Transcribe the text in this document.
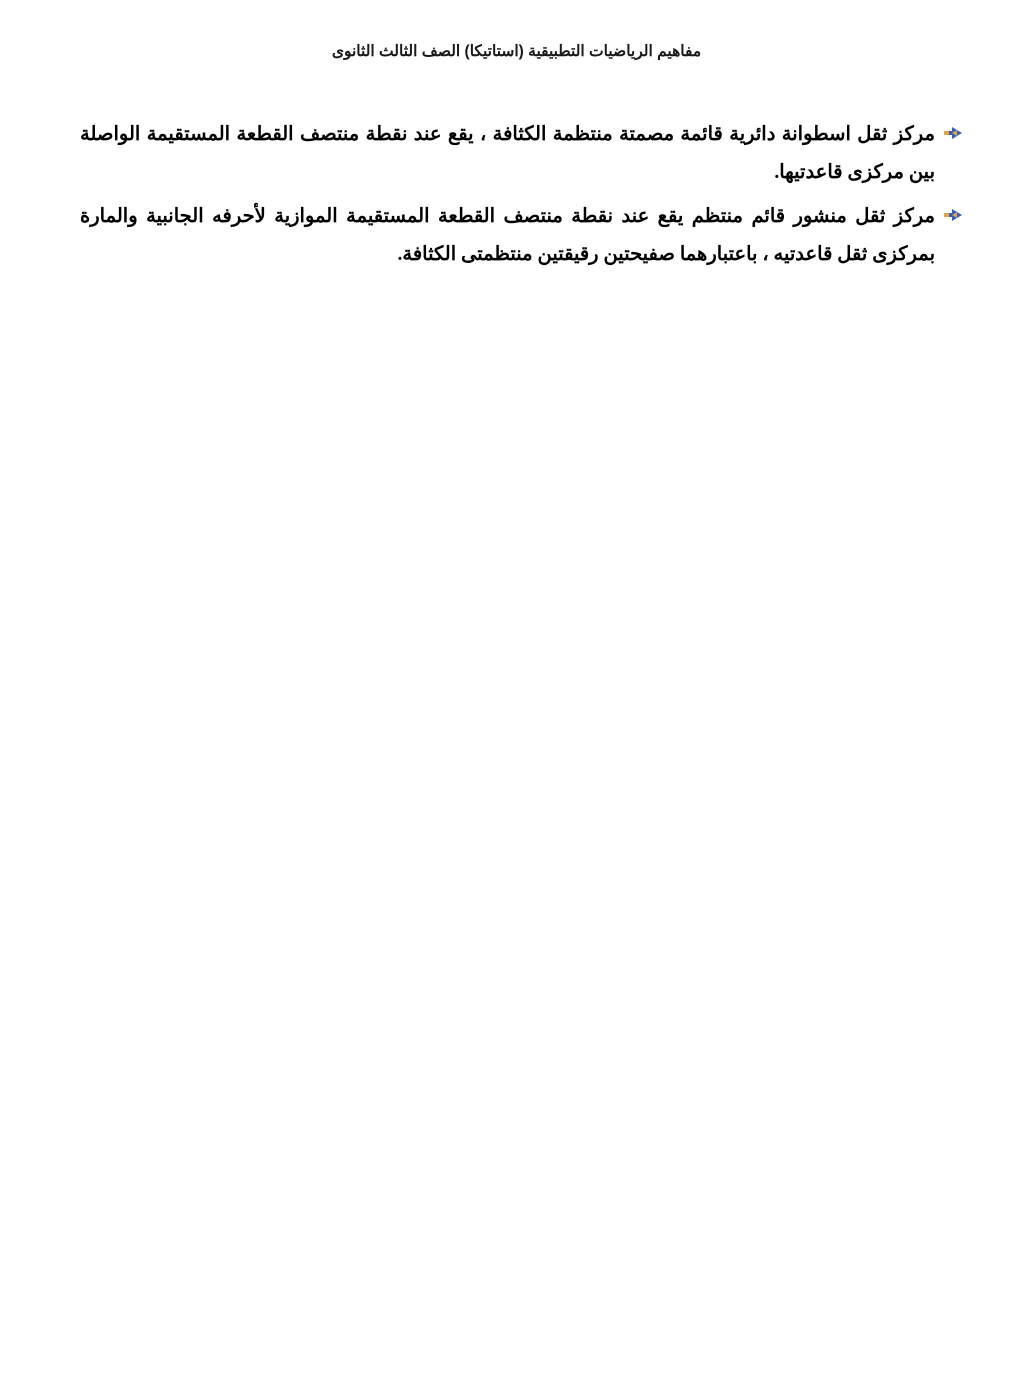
مفاهيم الرياضيات التطبيقية (استاتيكا) الصف الثالث الثانوى
مركز ثقل اسطوانة دائرية قائمة مصمتة منتظمة الكثافة ، يقع عند نقطة منتصف القطعة المستقيمة الواصلة بين مركزى قاعدتيها.
مركز ثقل منشور قائم منتظم يقع عند نقطة منتصف القطعة المستقيمة الموازية لأحرفه الجانبية والمارة بمركزى ثقل قاعدتيه ، باعتبارهما صفيحتين رقيقتين منتظمتى الكثافة.
